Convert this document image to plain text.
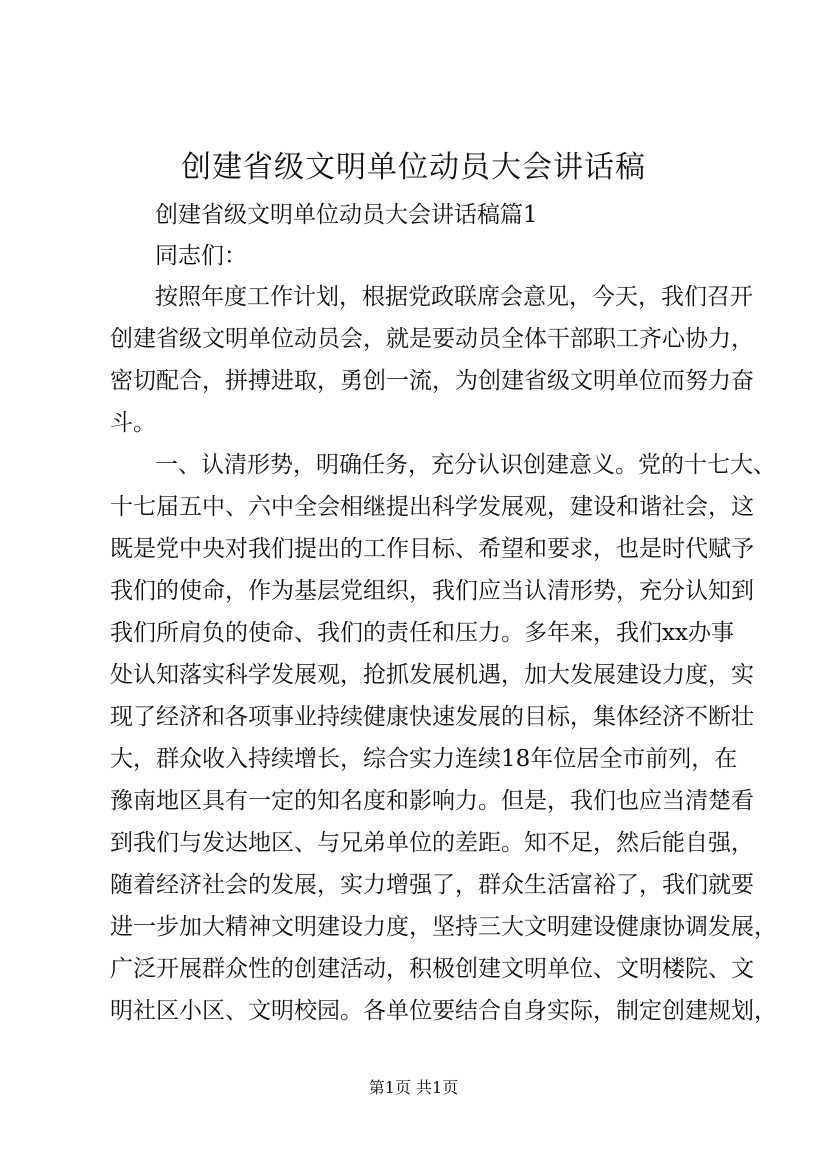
创建省级文明单位动员大会讲话稿

创建省级文明单位动员大会讲话稿篇1

同志们：

按照年度工作计划，根据党政联席会意见，今天，我们召开

创建省级文明单位动员会，就是要动员全体干部职工齐心协力，

密切配合，拼搏进取，勇创一流，为创建省级文明单位而努力奋

斗。

一、认清形势，明确任务，充分认识创建意义。党的十七大、

十七届五中、六中全会相继提出科学发展观，建设和谐社会，这

既是党中央对我们提出的工作目标、希望和要求，也是时代赋予

我们的使命，作为基层党组织，我们应当认清形势，充分认知到

我们所肩负的使命、我们的责任和压力。多年来，我们xx办事

处认知落实科学发展观，抢抓发展机遇，加大发展建设力度，实

现了经济和各项事业持续健康快速发展的目标，集体经济不断壮

大，群众收入持续增长，综合实力连续18年位居全市前列，在

豫南地区具有一定的知名度和影响力。但是，我们也应当清楚看

到我们与发达地区、与兄弟单位的差距。知不足，然后能自强，

随着经济社会的发展，实力增强了，群众生活富裕了，我们就要

进一步加大精神文明建设力度，坚持三大文明建设健康协调发展，

广泛开展群众性的创建活动，积极创建文明单位、文明楼院、文

明社区小区、文明校园。各单位要结合自身实际，制定创建规划，

第1页 共1页
